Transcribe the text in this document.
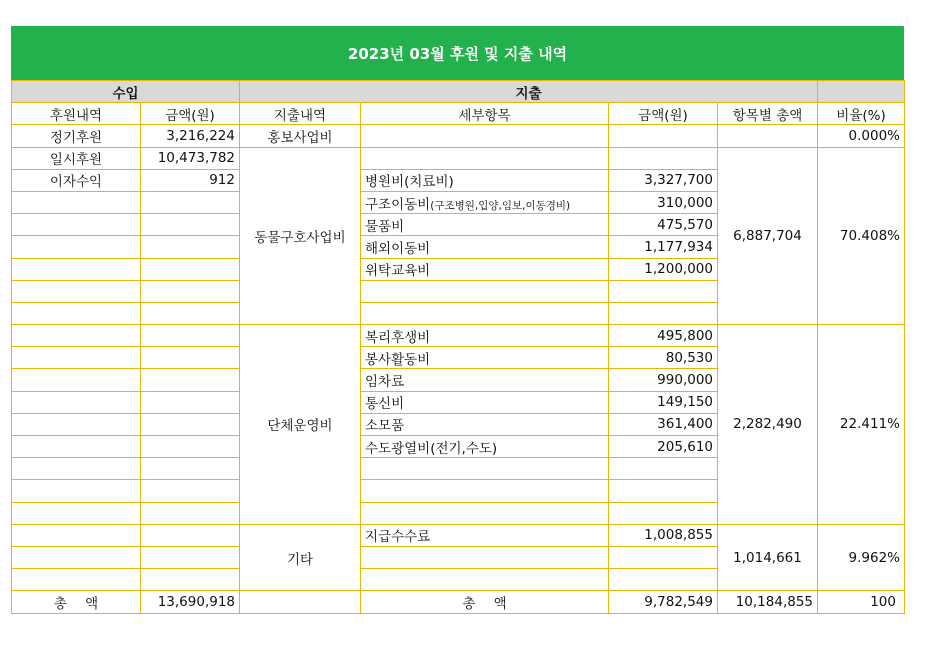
2023년 03월 후원 및 지출 내역
수입		지출				
후원내역	금액(원)	지출내역	세부항목	금액(원)	항목별 총액	비율(%)
정기후원	3,216,224	홍보사업비				0.000%
일시후원	10,473,782	동물구호사업비			6,887,704	70.408%
이자수익	912		병원비(치료비)	3,327,700		
			구조이동비(구조병원,입양,임보,이동경비)	310,000		
			물품비	475,570		
			해외이동비	1,177,934		
			위탁교육비	1,200,000		

		단체운영비	복리후생비	495,800	2,282,490	22.411%
			봉사활동비	80,530		
			임차료	990,000		
			통신비	149,150		
			소모품	361,400		
			수도광열비(전기,수도)	205,610		

		기타	지급수수료	1,008,855	1,014,661	9.962%

총 액	13,690,918		총 액	9,782,549	10,184,855	100
